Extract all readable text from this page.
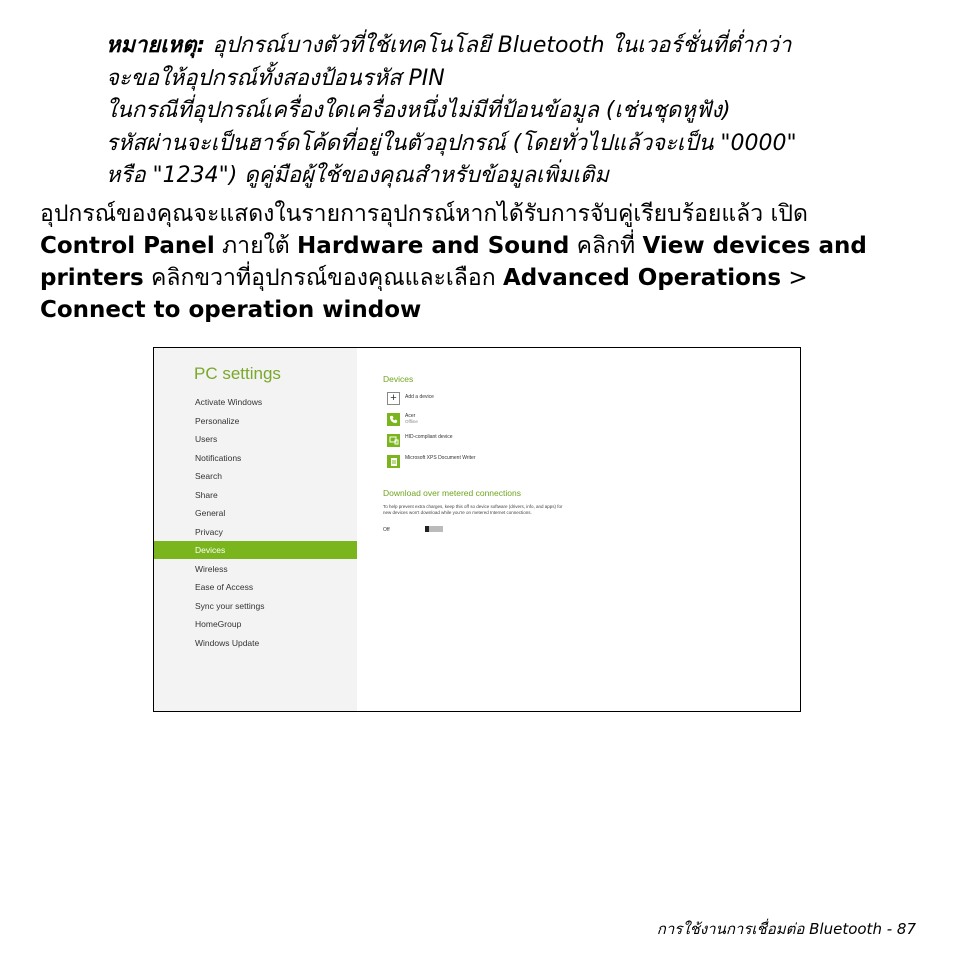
หมายเหตุ: อุปกรณ์บางตัวที่ใช้เทคโนโลยี Bluetooth ในเวอร์ชั่นที่ต่ำกว่า
จะขอให้อุปกรณ์ทั้งสองป้อนรหัส PIN
ในกรณีที่อุปกรณ์เครื่องใดเครื่องหนึ่งไม่มีที่ป้อนข้อมูล (เช่นชุดหูฟัง)
รหัสผ่านจะเป็นฮาร์ดโค้ดที่อยู่ในตัวอุปกรณ์ (โดยทั่วไปแล้วจะเป็น "0000"
หรือ "1234") ดูคู่มือผู้ใช้ของคุณสำหรับข้อมูลเพิ่มเติม
อุปกรณ์ของคุณจะแสดงในรายการอุปกรณ์หากได้รับการจับคู่เรียบร้อยแล้ว เปิด
Control Panel ภายใต้ Hardware and Sound คลิกที่ View devices and
printers คลิกขวาที่อุปกรณ์ของคุณและเลือก Advanced Operations >
Connect to operation window
PC settings
Activate Windows
Personalize
Users
Notifications
Search
Share
General
Privacy
Devices
Wireless
Ease of Access
Sync your settings
HomeGroup
Windows Update
Devices
+	Add a device
Acer
Offline
HID-compliant device
Microsoft XPS Document Writer
Download over metered connections
To help prevent extra charges, keep this off so device software (drivers, info, and apps) for new devices won't download while you're on metered Internet connections.
Off
การใช้งานการเชื่อมต่อ Bluetooth - 87
